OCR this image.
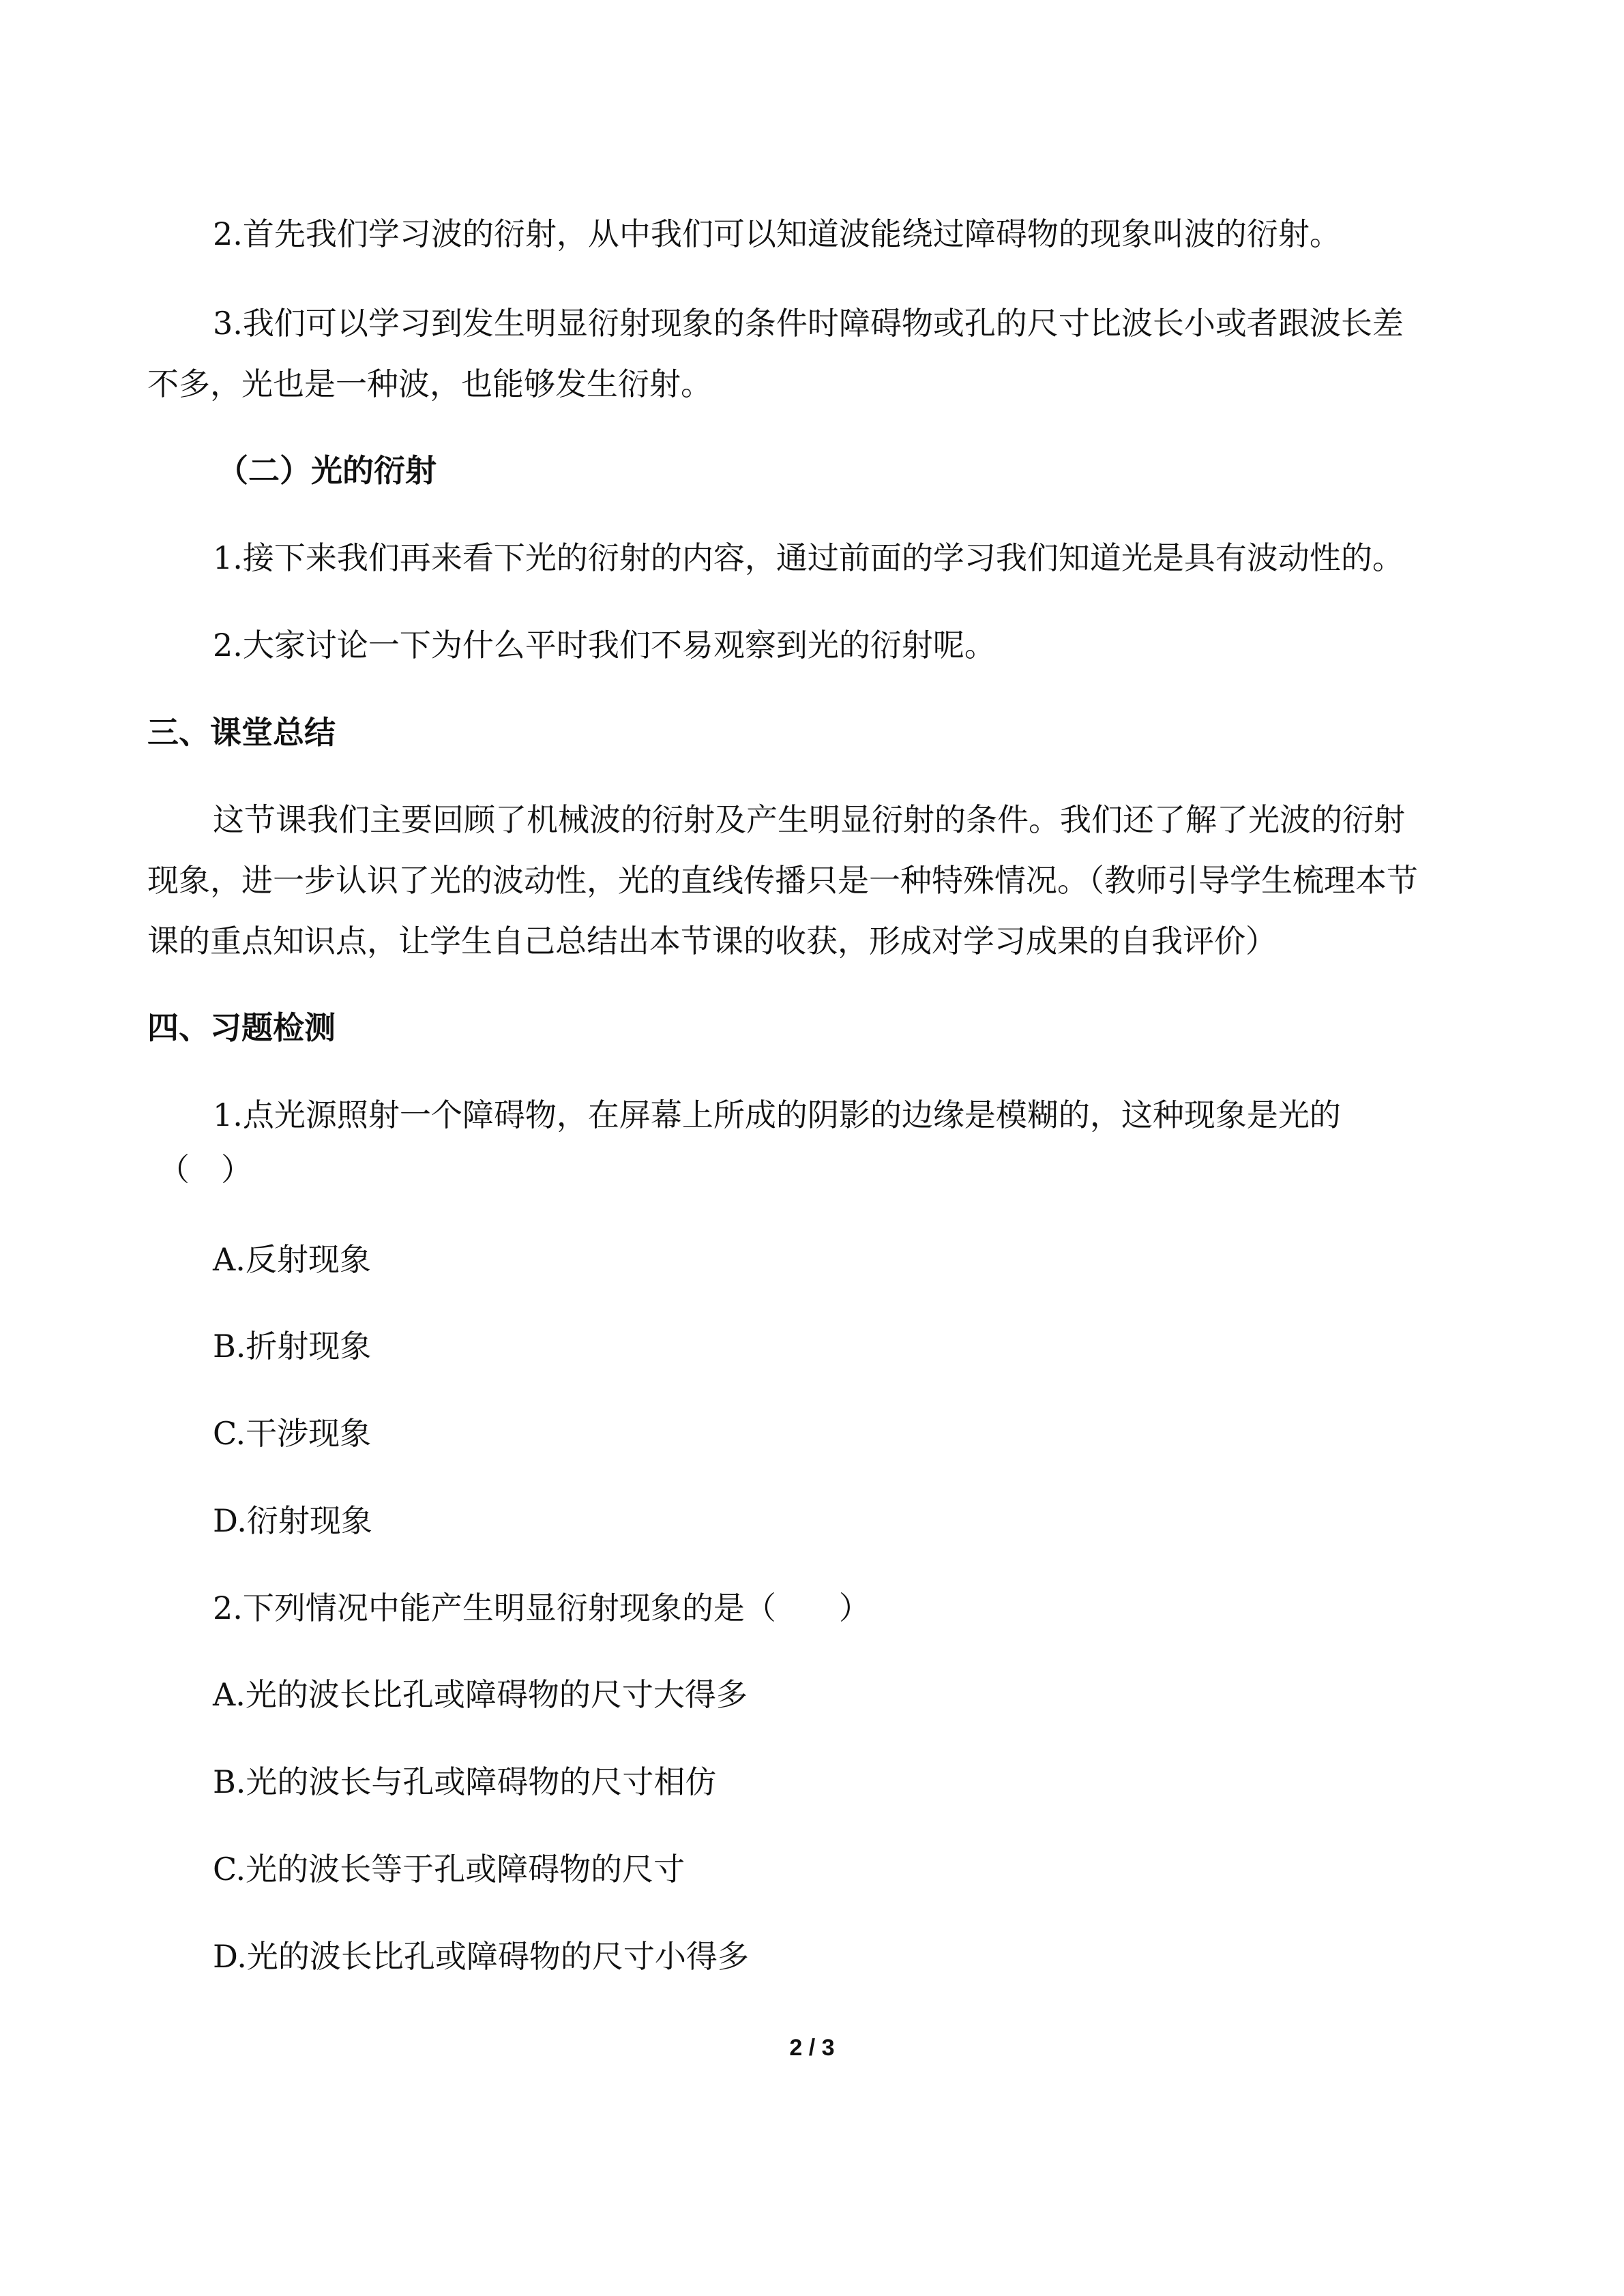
2.首先我们学习波的衍射，从中我们可以知道波能绕过障碍物的现象叫波的衍射。
3.我们可以学习到发生明显衍射现象的条件时障碍物或孔的尺寸比波长小或者跟波长差
不多，光也是一种波，也能够发生衍射。
（二）光的衍射
1.接下来我们再来看下光的衍射的内容，通过前面的学习我们知道光是具有波动性的。
2.大家讨论一下为什么平时我们不易观察到光的衍射呢。
三、课堂总结
这节课我们主要回顾了机械波的衍射及产生明显衍射的条件。我们还了解了光波的衍射
现象，进一步认识了光的波动性，光的直线传播只是一种特殊情况。（教师引导学生梳理本节
课的重点知识点，让学生自己总结出本节课的收获，形成对学习成果的自我评价）
四、习题检测
1.点光源照射一个障碍物，在屏幕上所成的阴影的边缘是模糊的，这种现象是光的
（　）
A.反射现象
B.折射现象
C.干涉现象
D.衍射现象
2.下列情况中能产生明显衍射现象的是（　　）
A.光的波长比孔或障碍物的尺寸大得多
B.光的波长与孔或障碍物的尺寸相仿
C.光的波长等于孔或障碍物的尺寸
D.光的波长比孔或障碍物的尺寸小得多
2 / 3
